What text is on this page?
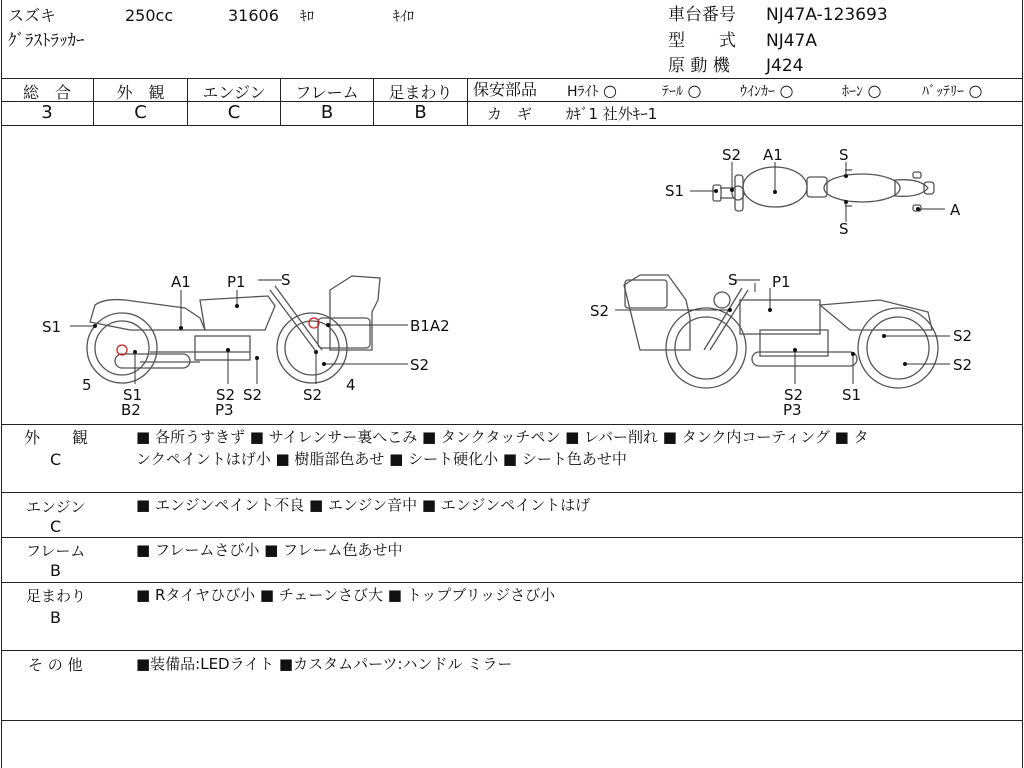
スズキ	250cc	31606 ｷﾛ	ｷｲﾛ
ｸﾞﾗｽﾄﾗｯｶｰ
車台番号 NJ47A-123693
型　　式 NJ47A
原 動 機 J424
総　合	外　観	エンジン	フレーム	足まわり
3	C	C	B	B
保安部品 Hﾗｲﾄ ○	ﾃｰﾙ ○	ｳｲﾝｶｰ ○	ﾎｰﾝ ○	ﾊﾞｯﾃﾘｰ ○
カ　ギ ｶｷﾞ1 社外ｷｰ1
S2 A1	S
S1
A
S
A1 P1 S
S1	B1A2
S2
5
S1
B2
S2
P3
S2	S2
4
S P1
S2
S2
S2
S2
P3
S1
外　　観
C
■ 各所うすきず ■ サイレンサー裏へこみ ■ タンクタッチペン ■ レバー削れ ■ タンク内コーティング ■ タ
ンクペイントはげ小 ■ 樹脂部色あせ ■ シート硬化小 ■ シート色あせ中
エンジン
C
■ エンジンペイント不良 ■ エンジン音中 ■ エンジンペイントはげ
フレーム
B
■ フレームさび小 ■ フレーム色あせ中
足まわり
B
■ Rタイヤひび小 ■ チェーンさび大 ■ トップブリッジさび小
そ の 他	■装備品:LEDライト ■カスタムパーツ:ハンドル ミラー
